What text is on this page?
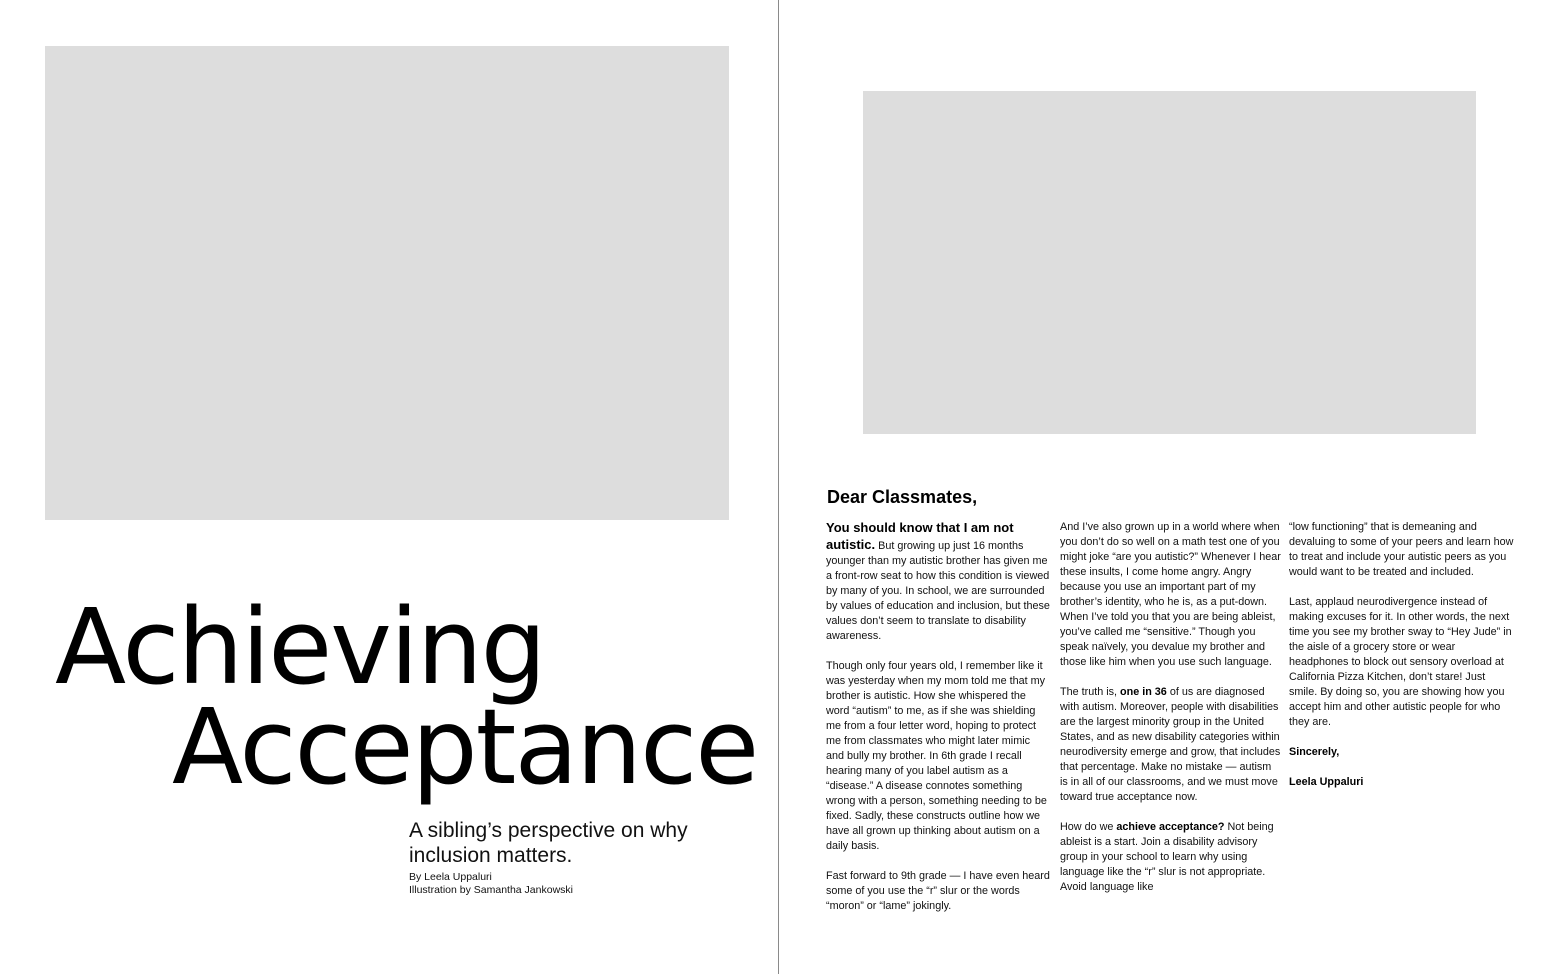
Achieving
Acceptance
A sibling’s perspective on why inclusion matters.
By Leela Uppaluri
Illustration by Samantha Jankowski
Dear Classmates,

You should know that I am not autistic. But growing up just 16 months younger than my autistic brother has given me a front-row seat to how this condition is viewed by many of you. In school, we are surrounded by values of education and inclusion, but these values don’t seem to translate to disability awareness.

Though only four years old, I remember like it was yesterday when my mom told me that my brother is autistic. How she whispered the word “autism” to me, as if she was shielding me from a four letter word, hoping to protect me from classmates who might later mimic and bully my brother. In 6th grade I recall hearing many of you label autism as a “disease.” A disease connotes something wrong with a person, something needing to be fixed. Sadly, these constructs outline how we have all grown up thinking about autism on a daily basis.

Fast forward to 9th grade — I have even heard some of you use the “r” slur or the words “moron” or “lame” jokingly.

And I’ve also grown up in a world where when you don’t do so well on a math test one of you might joke “are you autistic?” Whenever I hear these insults, I come home angry. Angry because you use an important part of my brother’s identity, who he is, as a put-down. When I’ve told you that you are being ableist, you’ve called me “sensitive.” Though you speak naïvely, you devalue my brother and those like him when you use such language.

The truth is, one in 36 of us are diagnosed with autism. Moreover, people with disabilities are the largest minority group in the United States, and as new disability categories within neurodiversity emerge and grow, that includes that percentage. Make no mistake — autism is in all of our classrooms, and we must move toward true acceptance now.

How do we achieve acceptance? Not being ableist is a start. Join a disability advisory group in your school to learn why using language like the “r” slur is not appropriate. Avoid language like

“low functioning” that is demeaning and devaluing to some of your peers and learn how to treat and include your autistic peers as you would want to be treated and included.

Last, applaud neurodivergence instead of making excuses for it. In other words, the next time you see my brother sway to “Hey Jude” in the aisle of a grocery store or wear headphones to block out sensory overload at California Pizza Kitchen, don’t stare! Just smile. By doing so, you are showing how you accept him and other autistic people for who they are.

Sincerely,

Leela Uppaluri
